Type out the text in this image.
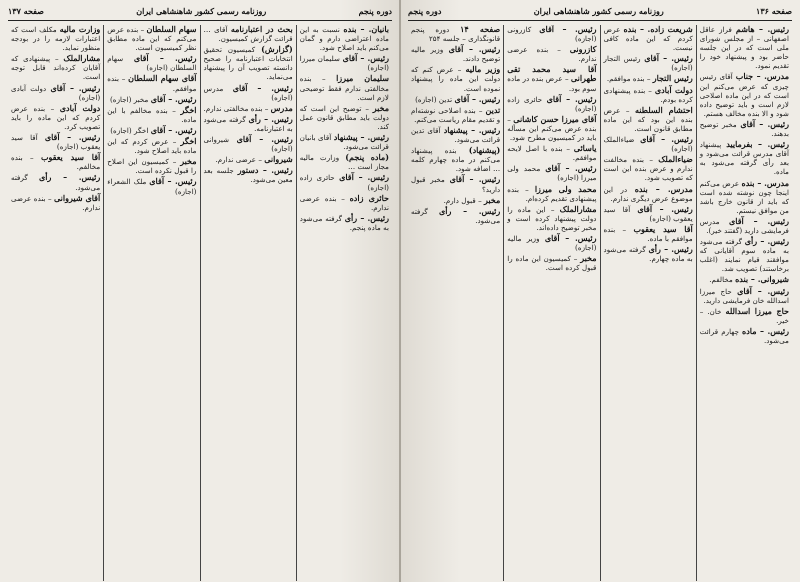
صفحه ۱۳۶
روزنامه رسمی کشور شاهنشاهی ایران
دوره پنجم

رئیس. – هاشم فراز عاقل اصفهانی – از مجلس شورای ملی است که در این جلسه حاضر بود و پیشنهاد خود را تقدیم نمود.

مدرس. – جناب آقای رئیس چیزی که عرض می‌کنم این است که در این ماده اصلاحی لازم است و باید توضیح داده شود و الا بنده مخالف هستم.

رئیس. – آقای مخبر توضیح بدهند.

رئیس. – بفرمایید پیشنهاد آقای مدرس قرائت می‌شود و بعد رأی گرفته می‌شود به ماده.

مدرس. – بنده عرض می‌کنم اینجا چون نوشته شده است که باید از قانون خارج باشد من موافق نیستم.

رئیس. – آقای مدرس فرمایشی دارید (گفتند خیر).

رئیس. – رأی گرفته می‌شود به ماده سوم آقایانی که موافقند قیام نمایند (اغلب برخاستند) تصویب شد.

شیروانی. – بنده مخالفم.

رئیس. – آقای حاج میرزا اسدالله خان فرمایشی دارید.

حاج میرزا اسدالله خان. – خیر.

رئیس. – ماده چهارم قرائت می‌شود.

شریعت زاده. – بنده عرض کردم که این ماده کافی نیست.

رئیس. – آقای رئیس التجار (اجازه)

رئیس التجار – بنده موافقم.

دولت آبادی – بنده پیشنهادی کرده بودم.

احتشام السلطنه – عرض بنده این بود که این ماده مطابق قانون است.

رئیس. – آقای ضیاءالملک (اجازه)

ضیاءالملک – بنده مخالفت ندارم و عرض بنده این است که تصویب شود.

مدرس. – بنده در این موضوع عرض دیگری ندارم.

رئیس. – آقای آقا سید یعقوب (اجازه)

آقا سید یعقوب – بنده موافقم با ماده.

رئیس. – رأی گرفته می‌شود به ماده چهارم.

رئیس. – آقای کازرونی (اجازه)

کازرونی – بنده عرضی ندارم.

آقا سید محمد تقی طهرانی – عرض بنده در ماده سوم بود.

رئیس. – آقای حائری زاده (اجازه)

آقای میرزا حسن کاشانی – بنده عرض می‌کنم این مسأله باید در کمیسیون مطرح شود.

یاسائی – بنده با اصل لایحه موافقم.

رئیس. – آقای محمد ولی میرزا (اجازه)

محمد ولی میرزا – بنده پیشنهادی تقدیم کرده‌ام.

مشارالملک – این ماده را دولت پیشنهاد کرده است و مخبر توضیح داده‌اند.

رئیس. – آقای وزیر مالیه (اجازه)

مخبر – کمیسیون این ماده را قبول کرده است.

صفحه ۱۴ دوره پنجم قانونگذاری – جلسه ۲۵۴

رئیس. – آقای وزیر مالیه توضیح دادند.

وزیر مالیه – عرض کنم که دولت این ماده را پیشنهاد نموده است.

رئیس. – آقای تدین (اجازه)

تدین – بنده اصلاحی نوشته‌ام و تقدیم مقام ریاست می‌کنم.

رئیس. – پیشنهاد آقای تدین قرائت می‌شود.

(پیشنهاد) بنده پیشنهاد می‌کنم در ماده چهارم کلمه … اضافه شود.

رئیس. – آقای مخبر قبول دارید؟

مخبر – قبول دارم.

رئیس. – رأی گرفته می‌شود.

دوره پنجم
روزنامه رسمی کشور شاهنشاهی ایران
صفحه ۱۳۷

بانیان. – بنده نسبت به این ماده اعتراضی دارم و گمان می‌کنم باید اصلاح شود.

رئیس. – آقای سلیمان میرزا (اجازه)

سلیمان میرزا – بنده مخالفتی ندارم فقط توضیحی لازم است.

مخبر – توضیح این است که دولت باید مطابق قانون عمل کند.

رئیس. – پیشنهاد آقای بانیان قرائت می‌شود.

(ماده پنجم) وزارت مالیه مجاز است …

رئیس. – آقای حائری زاده (اجازه)

حائری زاده – بنده عرضی ندارم.

رئیس. – رأی گرفته می‌شود به ماده پنجم.

بحث در اعتبارنامه آقای … قرائت گزارش کمیسیون.

(گزارش) کمیسیون تحقیق انتخابات اعتبارنامه را صحیح دانسته تصویب آن را پیشنهاد می‌نماید.

رئیس. – آقای مدرس (اجازه)

مدرس – بنده مخالفتی ندارم.

رئیس. – رأی گرفته می‌شود به اعتبارنامه.

رئیس. – آقای شیروانی (اجازه)

شیروانی – عرضی ندارم.

رئیس. – دستور جلسه بعد معین می‌شود.

سهام السلطان – بنده عرض می‌کنم که این ماده مطابق نظر کمیسیون است.

رئیس. – آقای سهام السلطان (اجازه)

آقای سهام السلطان – بنده موافقم.

رئیس. – آقای مخبر (اجازه)

اخگر – بنده مخالفم با این ماده.

رئیس. – آقای اخگر (اجازه)

اخگر – عرض کردم که این ماده باید اصلاح شود.

مخبر – کمیسیون این اصلاح را قبول نکرده است.

رئیس. – آقای ملک الشعراء (اجازه)

وزارت مالیه مکلف است که اعتبارات لازمه را در بودجه منظور نماید.

مشارالملک – پیشنهادی که آقایان کرده‌اند قابل توجه است.

رئیس. – آقای دولت آبادی (اجازه)

دولت آبادی – بنده عرض کردم که این ماده را باید تصویب کرد.

رئیس. – آقای آقا سید یعقوب (اجازه)

آقا سید یعقوب – بنده مخالفم.

رئیس. – رأی گرفته می‌شود.

آقای شیروانی – بنده عرضی ندارم.
